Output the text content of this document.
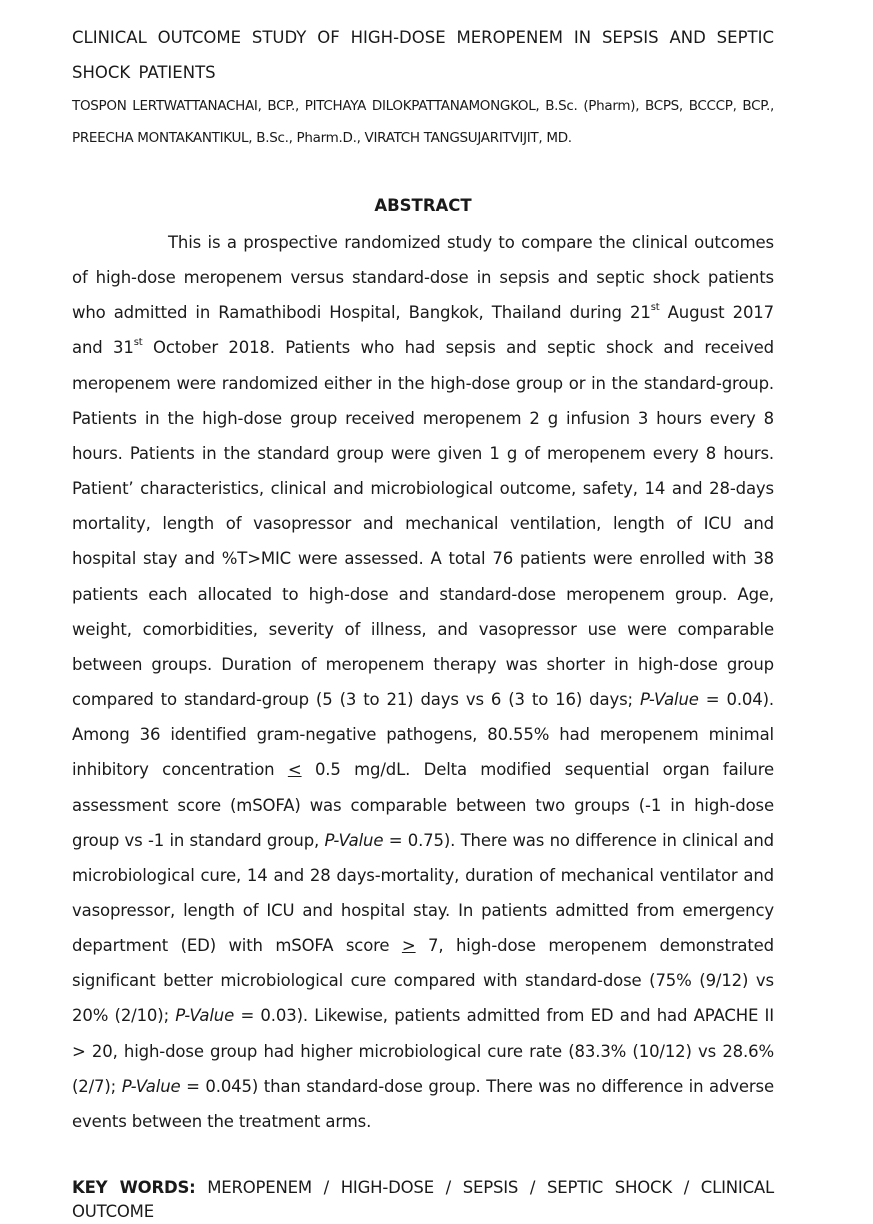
CLINICAL OUTCOME STUDY OF HIGH-DOSE MEROPENEM IN SEPSIS AND SEPTIC SHOCK PATIENTS

TOSPON LERTWATTANACHAI, BCP., PITCHAYA DILOKPATTANAMONGKOL, B.Sc. (Pharm), BCPS, BCCCP, BCP., PREECHA MONTAKANTIKUL, B.Sc., Pharm.D., VIRATCH TANGSUJARITVIJIT, MD.

ABSTRACT

This is a prospective randomized study to compare the clinical outcomes of high-dose meropenem versus standard-dose in sepsis and septic shock patients who admitted in Ramathibodi Hospital, Bangkok, Thailand during 21st August 2017 and 31st October 2018. Patients who had sepsis and septic shock and received meropenem were randomized either in the high-dose group or in the standard-group. Patients in the high-dose group received meropenem 2 g infusion 3 hours every 8 hours. Patients in the standard group were given 1 g of meropenem every 8 hours. Patient’ characteristics, clinical and microbiological outcome, safety, 14 and 28-days mortality, length of vasopressor and mechanical ventilation, length of ICU and hospital stay and %T>MIC were assessed. A total 76 patients were enrolled with 38 patients each allocated to high-dose and standard-dose meropenem group. Age, weight, comorbidities, severity of illness, and vasopressor use were comparable between groups. Duration of meropenem therapy was shorter in high-dose group compared to standard-group (5 (3 to 21) days vs 6 (3 to 16) days; P-Value = 0.04). Among 36 identified gram-negative pathogens, 80.55% had meropenem minimal inhibitory concentration ≤ 0.5 mg/dL. Delta modified sequential organ failure assessment score (mSOFA) was comparable between two groups (-1 in high-dose group vs -1 in standard group, P-Value = 0.75). There was no difference in clinical and microbiological cure, 14 and 28 days-mortality, duration of mechanical ventilator and vasopressor, length of ICU and hospital stay. In patients admitted from emergency department (ED) with mSOFA score ≥ 7, high-dose meropenem demonstrated significant better microbiological cure compared with standard-dose (75% (9/12) vs 20% (2/10); P-Value = 0.03). Likewise, patients admitted from ED and had APACHE II > 20, high-dose group had higher microbiological cure rate (83.3% (10/12) vs 28.6% (2/7); P-Value = 0.045) than standard-dose group. There was no difference in adverse events between the treatment arms.

KEY WORDS: MEROPENEM / HIGH-DOSE / SEPSIS / SEPTIC SHOCK / CLINICAL OUTCOME
